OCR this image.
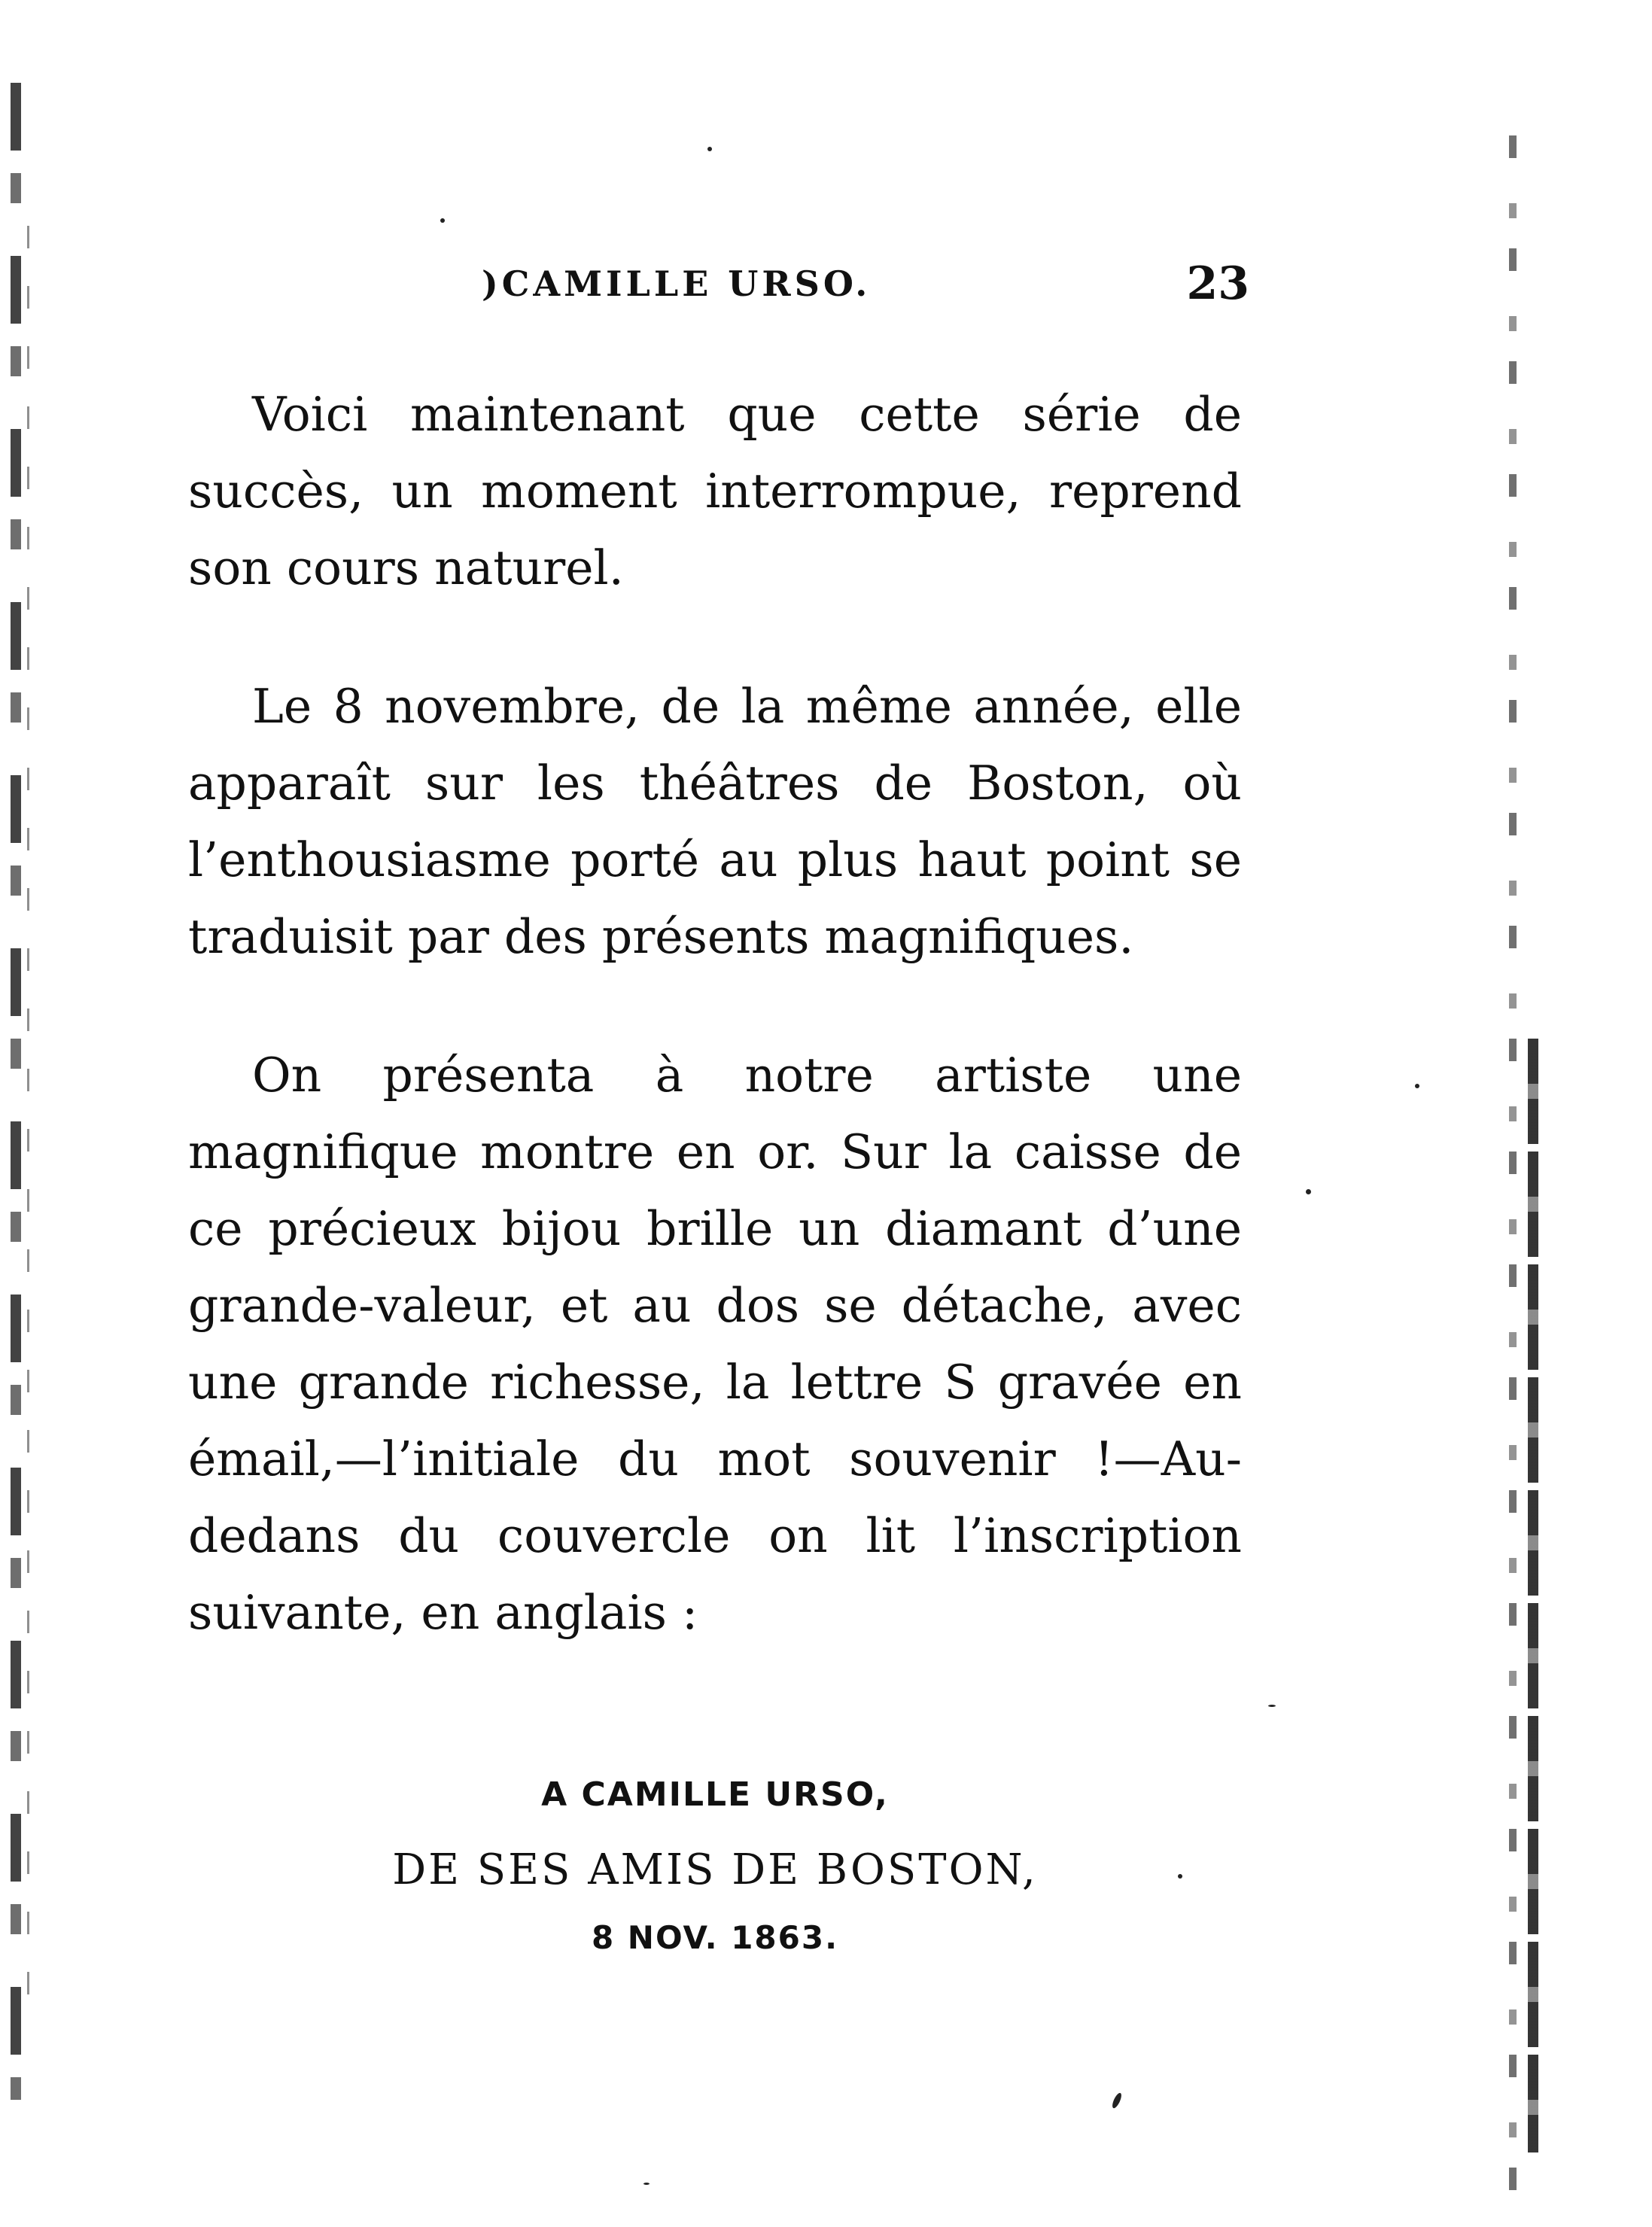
)CAMILLE URSO.	23

Voici maintenant que cette série de succès, un moment interrompue, reprend son cours naturel.

Le 8 novembre, de la même année, elle apparaît sur les théâtres de Boston, où l’enthousiasme porté au plus haut point se traduisit par des présents magnifiques.

On présenta à notre artiste une magnifique montre en or. Sur la caisse de ce précieux bijou brille un diamant d’une grande-valeur, et au dos se détache, avec une grande richesse, la lettre S gravée en émail,—l’initiale du mot souvenir !—Au-dedans du couvercle on lit l’inscription suivante, en anglais :

A CAMILLE URSO,
DE SES AMIS DE BOSTON,
8 NOV. 1863.
